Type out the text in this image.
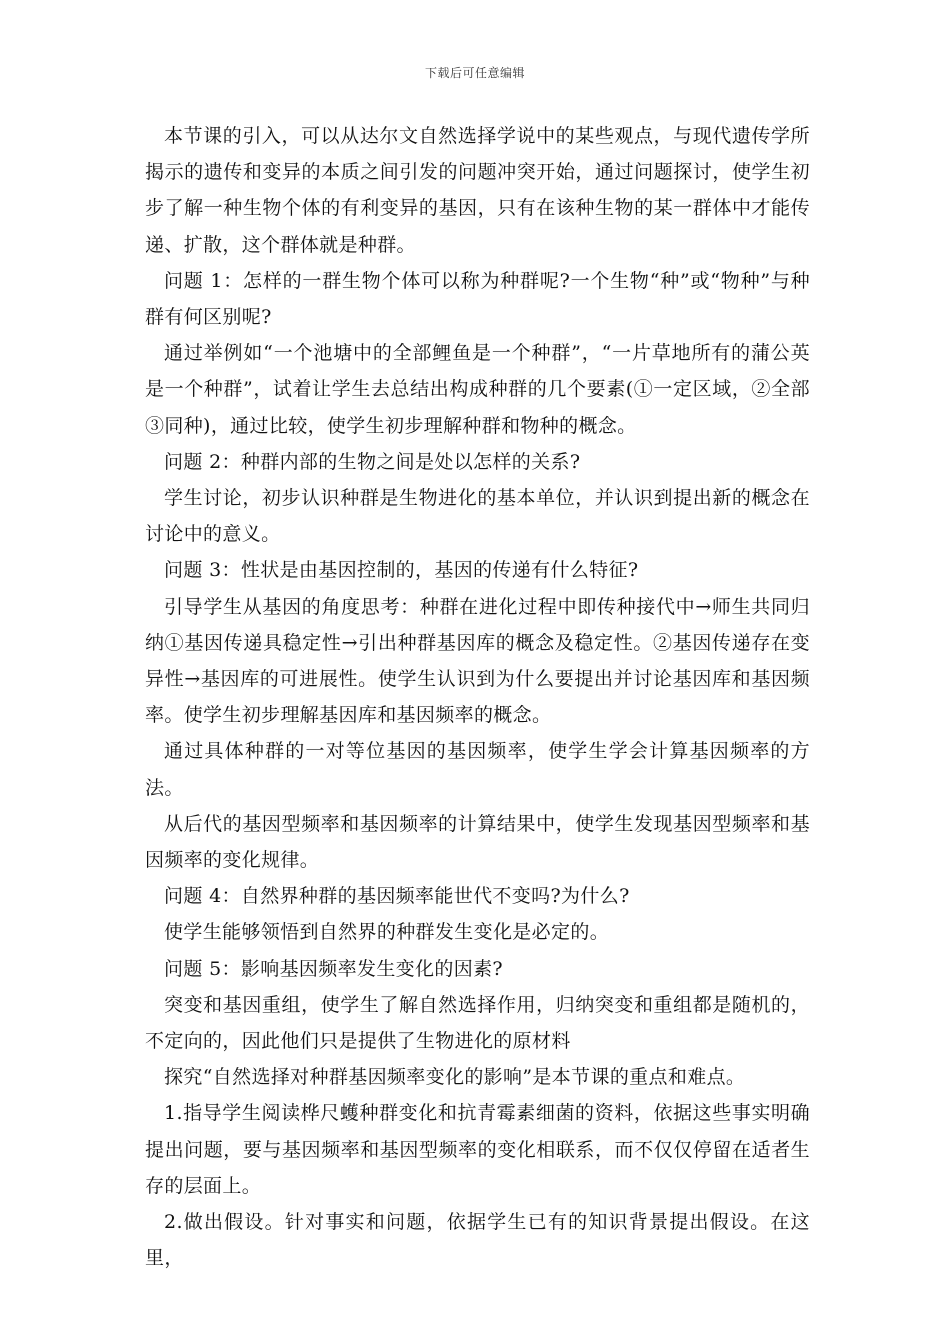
下载后可任意编辑

本节课的引入，可以从达尔文自然选择学说中的某些观点，与现代遗传学所揭示的遗传和变异的本质之间引发的问题冲突开始，通过问题探讨，使学生初步了解一种生物个体的有利变异的基因，只有在该种生物的某一群体中才能传递、扩散，这个群体就是种群。

问题 1：怎样的一群生物个体可以称为种群呢?一个生物“种”或“物种”与种群有何区别呢?

通过举例如“一个池塘中的全部鲤鱼是一个种群”，“一片草地所有的蒲公英是一个种群”，试着让学生去总结出构成种群的几个要素(①一定区域，②全部③同种)，通过比较，使学生初步理解种群和物种的概念。

问题 2：种群内部的生物之间是处以怎样的关系?

学生讨论，初步认识种群是生物进化的基本单位，并认识到提出新的概念在讨论中的意义。

问题 3：性状是由基因控制的，基因的传递有什么特征?

引导学生从基因的角度思考：种群在进化过程中即传种接代中→师生共同归纳①基因传递具稳定性→引出种群基因库的概念及稳定性。②基因传递存在变异性→基因库的可进展性。使学生认识到为什么要提出并讨论基因库和基因频率。使学生初步理解基因库和基因频率的概念。

通过具体种群的一对等位基因的基因频率，使学生学会计算基因频率的方法。

从后代的基因型频率和基因频率的计算结果中，使学生发现基因型频率和基因频率的变化规律。

问题 4：自然界种群的基因频率能世代不变吗?为什么?

使学生能够领悟到自然界的种群发生变化是必定的。

问题 5：影响基因频率发生变化的因素?

突变和基因重组，使学生了解自然选择作用，归纳突变和重组都是随机的，不定向的，因此他们只是提供了生物进化的原材料

探究“自然选择对种群基因频率变化的影响”是本节课的重点和难点。

1.指导学生阅读桦尺蠖种群变化和抗青霉素细菌的资料，依据这些事实明确提出问题，要与基因频率和基因型频率的变化相联系，而不仅仅停留在适者生存的层面上。

2.做出假设。针对事实和问题，依据学生已有的知识背景提出假设。在这里，
